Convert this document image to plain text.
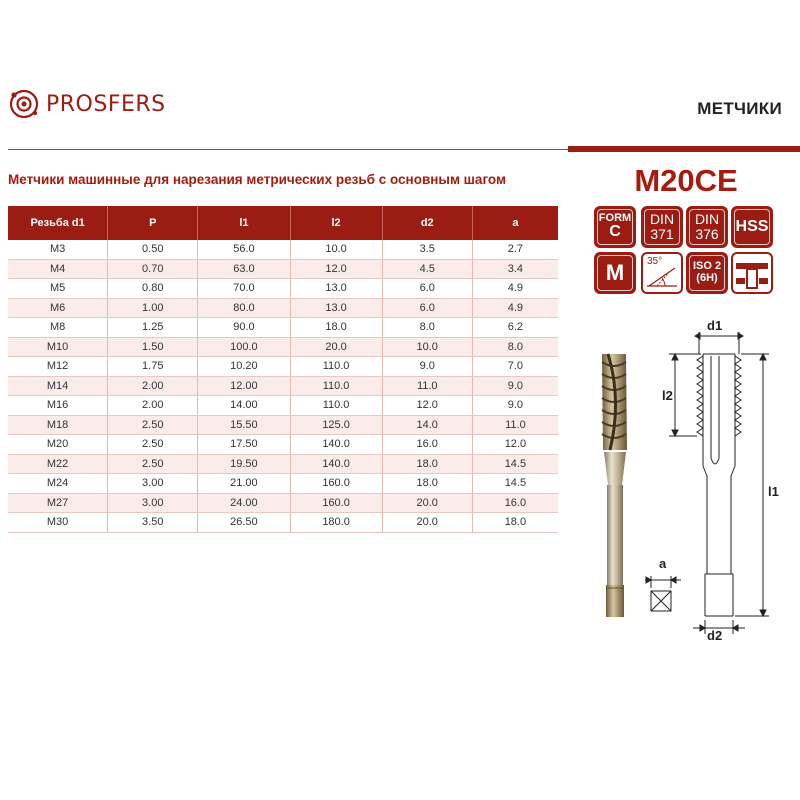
PROSFERS	МЕТЧИКИ
Метчики машинные для нарезания метрических резьб с основным шагом	M20CE
Резьба d1	P	l1	l2	d2	a
M3	0.50	56.0	10.0	3.5	2.7
M4	0.70	63.0	12.0	4.5	3.4
M5	0.80	70.0	13.0	6.0	4.9
M6	1.00	80.0	13.0	6.0	4.9
M8	1.25	90.0	18.0	8.0	6.2
M10	1.50	100.0	20.0	10.0	8.0
M12	1.75	10.20	110.0	9.0	7.0
M14	2.00	12.00	110.0	11.0	9.0
M16	2.00	14.00	110.0	12.0	9.0
M18	2.50	15.50	125.0	14.0	11.0
M20	2.50	17.50	140.0	16.0	12.0
M22	2.50	19.50	140.0	18.0	14.5
M24	3.00	21.00	160.0	18.0	14.5
M27	3.00	24.00	160.0	20.0	16.0
M30	3.50	26.50	180.0	20.0	18.0
FORM
C
DIN
371
DIN
376 HSS
M 35°	ISO 2
(6H)
d1
l2
l1
a
d2
